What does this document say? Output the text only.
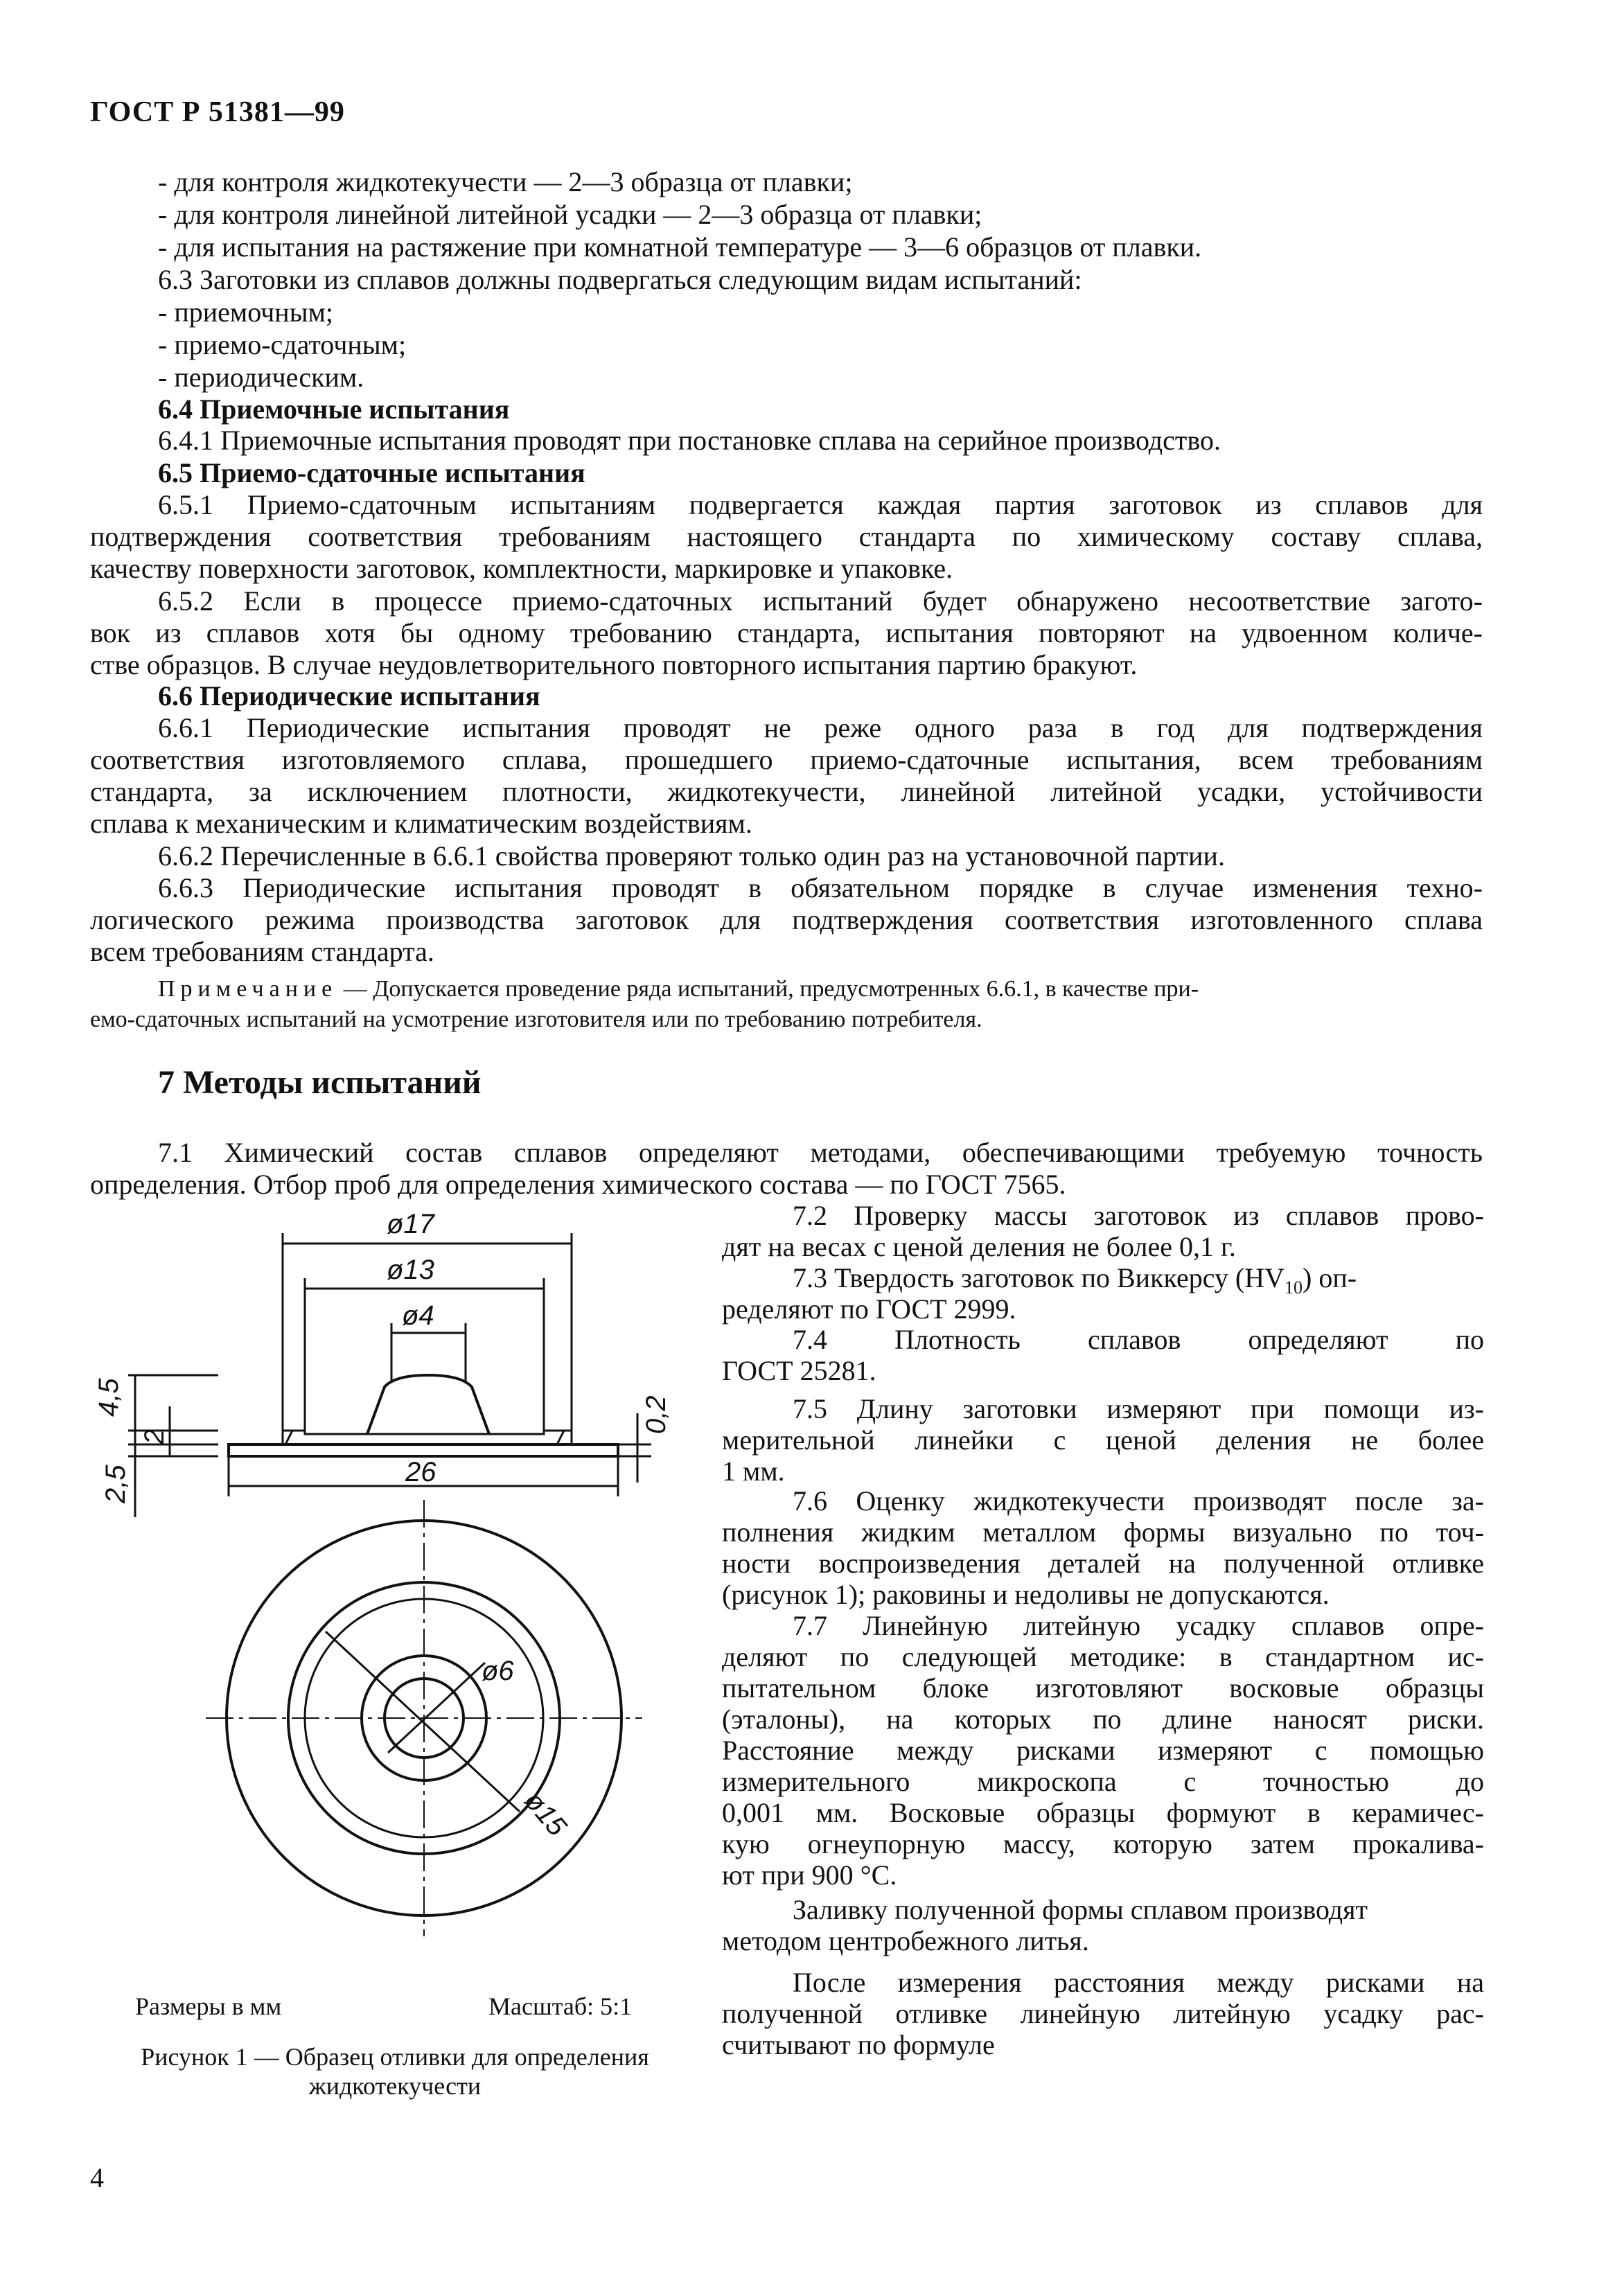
ГОСТ Р 51381—99
- для контроля жидкотекучести — 2—3 образца от плавки;
- для контроля линейной литейной усадки — 2—3 образца от плавки;
- для испытания на растяжение при комнатной температуре — 3—6 образцов от плавки.
6.3 Заготовки из сплавов должны подвергаться следующим видам испытаний:
- приемочным;
- приемо-сдаточным;
- периодическим.
6.4 Приемочные испытания
6.4.1 Приемочные испытания проводят при постановке сплава на серийное производство.
6.5 Приемо-сдаточные испытания
6.5.1 Приемо-сдаточным испытаниям подвергается каждая партия заготовок из сплавов для
подтверждения соответствия требованиям настоящего стандарта по химическому составу сплава,
качеству поверхности заготовок, комплектности, маркировке и упаковке.
6.5.2 Если в процессе приемо-сдаточных испытаний будет обнаружено несоответствие загото-
вок из сплавов хотя бы одному требованию стандарта, испытания повторяют на удвоенном количе-
стве образцов. В случае неудовлетворительного повторного испытания партию бракуют.
6.6 Периодические испытания
6.6.1 Периодические испытания проводят не реже одного раза в год для подтверждения
соответствия изготовляемого сплава, прошедшего приемо-сдаточные испытания, всем требованиям
стандарта, за исключением плотности, жидкотекучести, линейной литейной усадки, устойчивости
сплава к механическим и климатическим воздействиям.
6.6.2 Перечисленные в 6.6.1 свойства проверяют только один раз на установочной партии.
6.6.3 Периодические испытания проводят в обязательном порядке в случае изменения техно-
логического режима производства заготовок для подтверждения соответствия изготовленного сплава
всем требованиям стандарта.
7.1 Химический состав сплавов определяют методами, обеспечивающими требуемую точность
определения. Отбор проб для определения химического состава — по ГОСТ 7565.
Примечание — Допускается проведение ряда испытаний, предусмотренных 6.6.1, в качестве при-
емо-сдаточных испытаний на усмотрение изготовителя или по требованию потребителя.
7 Методы испытаний
7.2 Проверку массы заготовок из сплавов прово-
дят на весах с ценой деления не более 0,1 г.
7.4 Плотность сплавов определяют по
ГОСТ 25281.
7.5 Длину заготовки измеряют при помощи из-
мерительной линейки с ценой деления не более
1 мм.
7.6 Оценку жидкотекучести производят после за-
полнения жидким металлом формы визуально по точ-
ности воспроизведения деталей на полученной отливке
(рисунок 1); раковины и недоливы не допускаются.
7.7 Линейную литейную усадку сплавов опре-
деляют по следующей методике: в стандартном ис-
пытательном блоке изготовляют восковые образцы
(эталоны), на которых по длине наносят риски.
Расстояние между рисками измеряют с помощью
измерительного микроскопа с точностью до
0,001 мм. Восковые образцы формуют в керамичес-
кую огнеупорную массу, которую затем прокалива-
ют при 900 °С.
Заливку полученной формы сплавом производят
методом центробежного литья.
После измерения расстояния между рисками на
полученной отливке линейную литейную усадку рас-
считывают по формуле
7.3 Твердость заготовок по Виккерсу $(HV_{10})$ оп-
ределяют по ГОСТ 2999.
ø17
ø13
ø4
26
ø6
ø15
4,5
2
2,5
0,2
Размеры в мм	Масштаб: 5:1
Рисунок 1 — Образец отливки для определения
жидкотекучести
4
